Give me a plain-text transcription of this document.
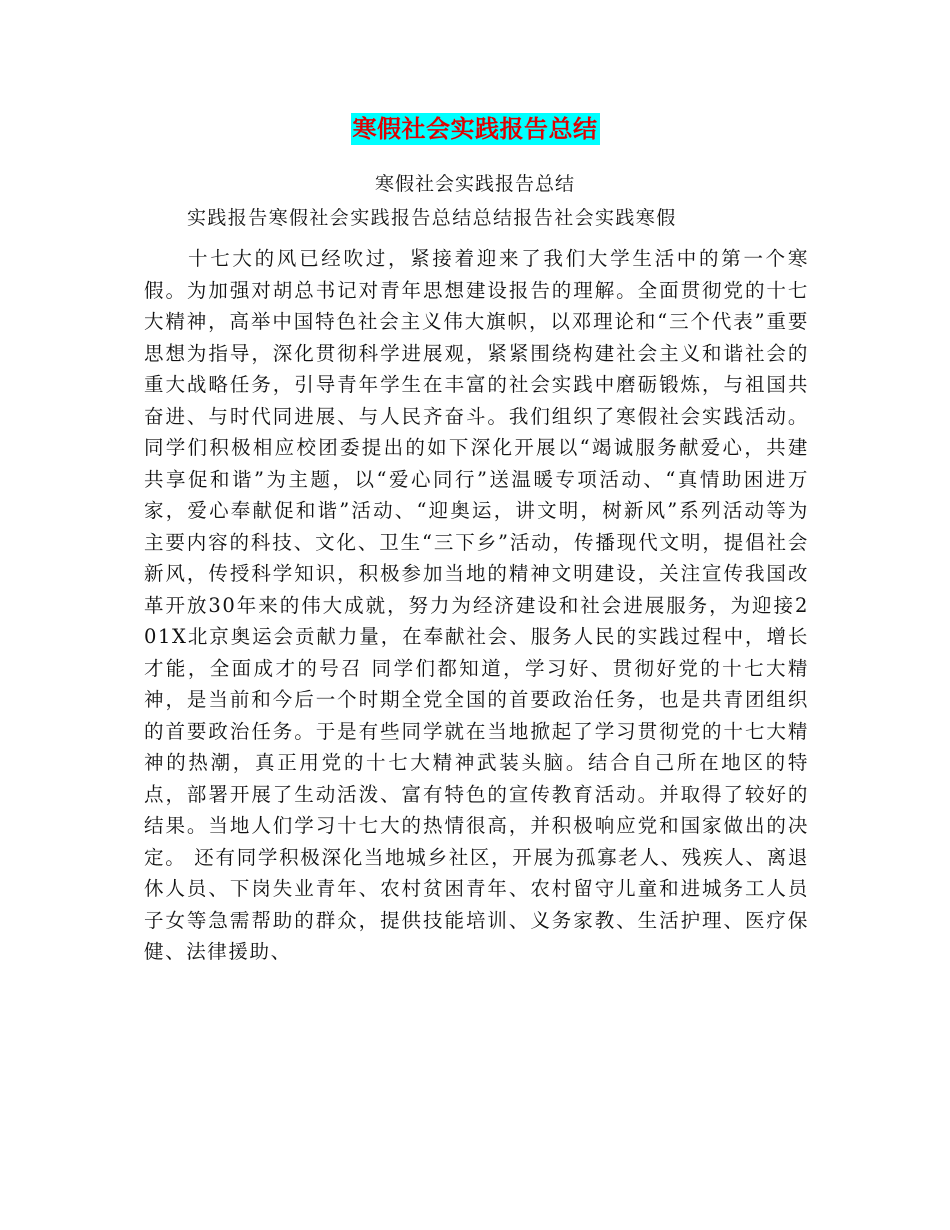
寒假社会实践报告总结
寒假社会实践报告总结
实践报告寒假社会实践报告总结总结报告社会实践寒假

十七大的风已经吹过，紧接着迎来了我们大学生活中的第一个寒假。为加强对胡总书记对青年思想建设报告的理解。全面贯彻党的十七大精神，高举中国特色社会主义伟大旗帜，以邓理论和“三个代表”重要思想为指导，深化贯彻科学进展观，紧紧围绕构建社会主义和谐社会的重大战略任务，引导青年学生在丰富的社会实践中磨砺锻炼，与祖国共奋进、与时代同进展、与人民齐奋斗。我们组织了寒假社会实践活动。 同学们积极相应校团委提出的如下深化开展以“竭诚服务献爱心，共建共享促和谐”为主题，以“爱心同行”送温暖专项活动、“真情助困进万家，爱心奉献促和谐”活动、“迎奥运，讲文明，树新风”系列活动等为主要内容的科技、文化、卫生“三下乡”活动，传播现代文明，提倡社会新风，传授科学知识，积极参加当地的精神文明建设，关注宣传我国改革开放30年来的伟大成就，努力为经济建设和社会进展服务，为迎接201X北京奥运会贡献力量，在奉献社会、服务人民的实践过程中，增长才能，全面成才的号召 同学们都知道，学习好、贯彻好党的十七大精神，是当前和今后一个时期全党全国的首要政治任务，也是共青团组织的首要政治任务。于是有些同学就在当地掀起了学习贯彻党的十七大精神的热潮，真正用党的十七大精神武装头脑。结合自己所在地区的特点，部署开展了生动活泼、富有特色的宣传教育活动。并取得了较好的结果。当地人们学习十七大的热情很高，并积极响应党和国家做出的决定。 还有同学积极深化当地城乡社区，开展为孤寡老人、残疾人、离退休人员、下岗失业青年、农村贫困青年、农村留守儿童和进城务工人员子女等急需帮助的群众，提供技能培训、义务家教、生活护理、医疗保健、法律援助、
